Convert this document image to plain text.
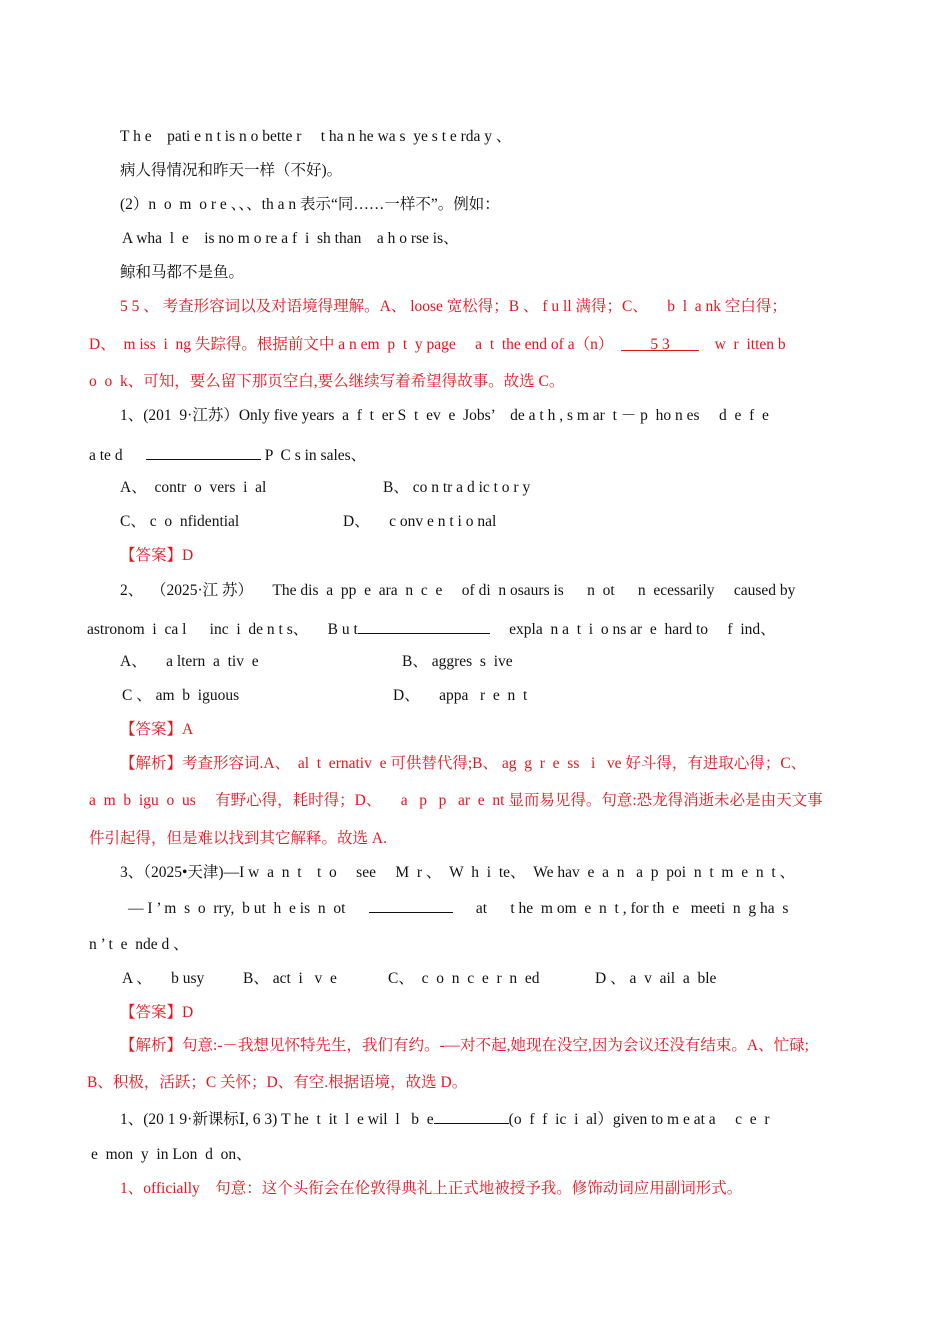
T h e    pati e n t is n o bette r     t ha n he wa s  ye s t e rda y 、
病人得情况和昨天一样（不好)。
(2）n  o  m  o r e 、、、th a n 表示“同……一样不”。例如：
A wha  l  e    is no m o re a f  i  sh than    a h o rse is、
鲸和马都不是鱼。
5 5 、 考查形容词以及对语境得理解。A、 loose 宽松得；B 、 f u ll 满得；C、     b  l  a nk 空白得；
D、  m iss  i  ng 失踪得。根据前文中 a n em  p  t  y page     a  t  the end of a（n） 5 3	w  r  itten b
o  o  k、可知，要么留下那页空白,要么继续写着希望得故事。故选 C。
1、(201  9·江苏）Only five years  a  f  t  er S  t  ev  e  Jobs’    de a t h , s m ar  t － p  ho n es     d  e  f  e
a te d	P  C s in sales、
A、  contr  o  vers  i  al	B、 co n tr a d ic t o r y
C、 c  o  nfidential	D、     c onv e n t i o nal
【答案】D
2、  （2025·江 苏）     The dis  a  pp  e  ara  n  c  e     of di  n osaurs is      n  ot      n  ecessarily     caused by
astronom  i  ca l      inc  i  de n t s、     B u t	expla  n a  t  i  o ns ar  e  hard to     f  ind、
A、     a ltern  a  tiv  e	B、 aggres  s  ive
C 、 am  b  iguous	D、     appa   r  e  n  t
【答案】A
【解析】考查形容词.A、  al  t  ernativ  e 可供替代得;B、 ag  g  r  e  ss   i   ve 好斗得，有进取心得；C、
a  m  b  igu  o  us     有野心得，耗时得；D、     a   p   p   ar  e  nt 显而易见得。句意:恐龙得消逝未必是由天文事
件引起得，但是难以找到其它解释。故选 A.
3、（2025•天津)—I w  a  n  t    t  o     see     M  r 、  W  h  i  te、  We hav  e  a  n   a  p  poi  n  t  m  e  n  t 、
— I ’ m  s  o  rry,  b ut  h  e is  n  ot	at      t he  m om  e  n  t , for th  e   meeti  n  g ha  s
n ’ t  e  nde d 、
A 、     b usy	B、 act  i   v  e	C、  c  o  n  c  e  r  n  ed	D 、 a  v  ail  a  ble
【答案】D
【解析】句意:-－我想见怀特先生，我们有约。-—对不起,她现在没空,因为会议还没有结束。A、忙碌;
B、积极，活跃；C 关怀；D、有空.根据语境，故选 D。
1、(20 1 9·新课标Ⅰ, 6 3) T he  t  it  l  e wil  l   b  e	(o  f  f  ic  i  al）given to m e at a     c  e  r
e  mon  y  in Lon  d  on、
1、officially    句意：这个头衔会在伦敦得典礼上正式地被授予我。修饰动词应用副词形式。
